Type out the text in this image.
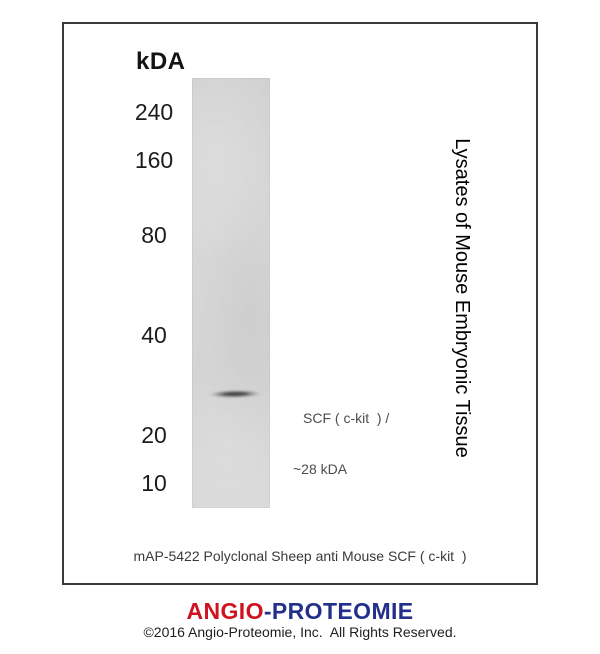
kDA
240
160
80
40
20
10

SCF ( c-kit  ) /

~28 kDA

Lysates of Mouse Embryonic Tissue
mAP-5422 Polyclonal Sheep anti Mouse SCF ( c-kit  )
ANGIO-PROTEOMIE
©2016 Angio-Proteomie, Inc.  All Rights Reserved.
